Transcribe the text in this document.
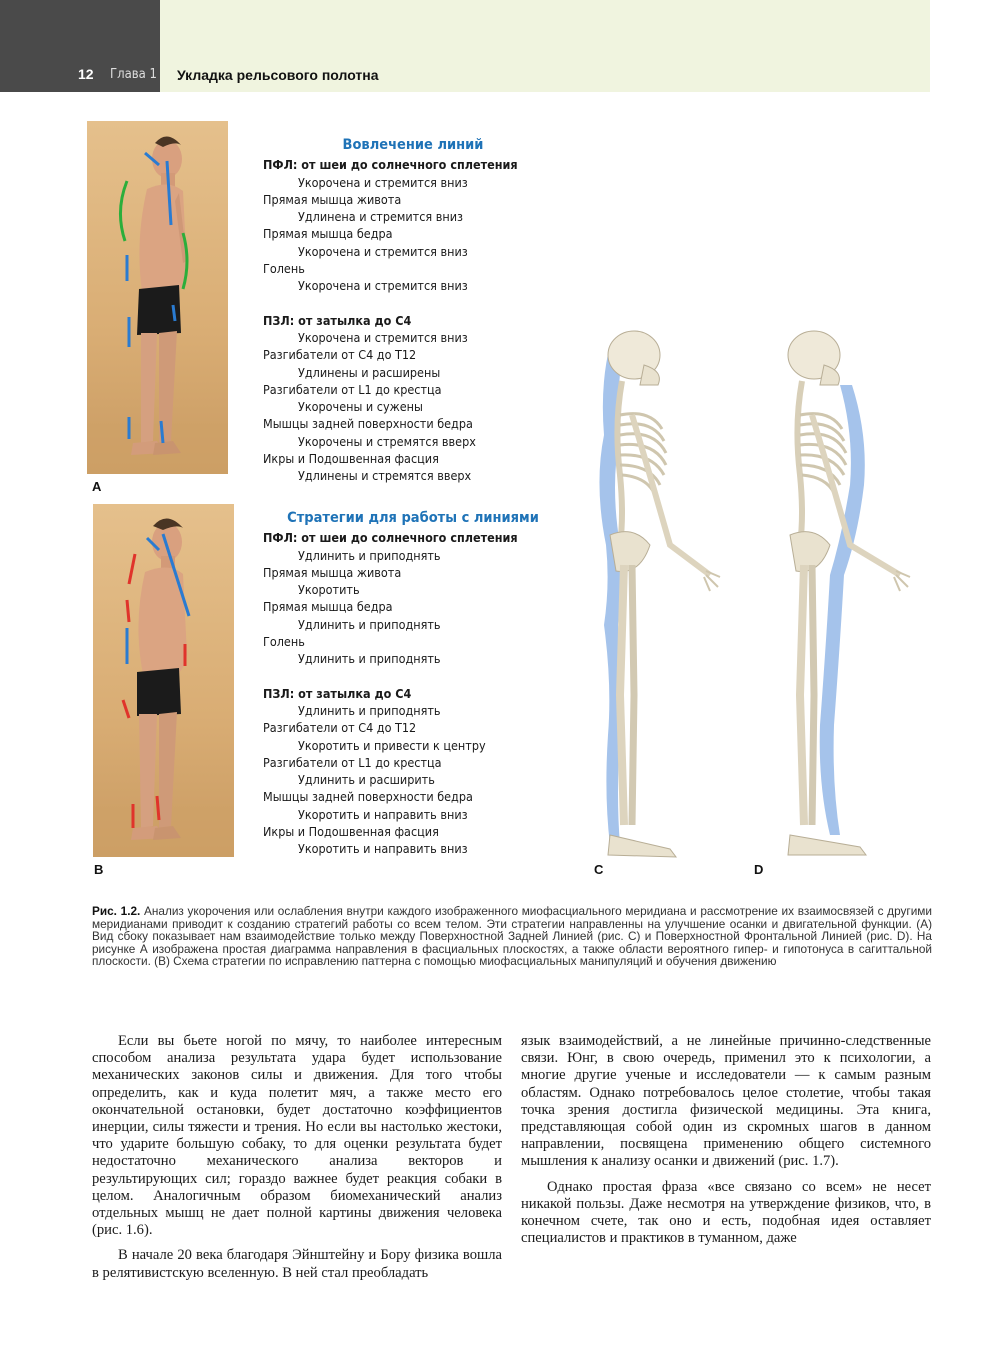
12 Глава 1 Укладка рельсового полотна
A
B
Вовлечение линий
ПФЛ: от шеи до солнечного сплетения
Укорочена и стремится вниз
Прямая мышца живота
Удлинена и стремится вниз
Прямая мышца бедра
Укорочена и стремится вниз
Голень
Укорочена и стремится вниз
ПЗЛ: от затылка до С4
Укорочена и стремится вниз
Разгибатели от С4 до Т12
Удлинены и расширены
Разгибатели от L1 до крестца
Укорочены и сужены
Мышцы задней поверхности бедра
Укорочены и стремятся вверх
Икры и Подошвенная фасция
Удлинены и стремятся вверх
Стратегии для работы с линиями
ПФЛ: от шеи до солнечного сплетения
Удлинить и приподнять
Прямая мышца живота
Укоротить
Прямая мышца бедра
Удлинить и приподнять
Голень
Удлинить и приподнять
ПЗЛ: от затылка до С4
Удлинить и приподнять
Разгибатели от С4 до Т12
Укоротить и привести к центру
Разгибатели от L1 до крестца
Удлинить и расширить
Мышцы задней поверхности бедра
Укоротить и направить вниз
Икры и Подошвенная фасция
Укоротить и направить вниз
C	D
Рис. 1.2. Анализ укорочения или ослабления внутри каждого изображенного миофасциального меридиана и рассмотрение их взаимосвязей с другими меридианами приводит к созданию стратегий работы со всем телом. Эти стратегии направленны на улучшение осанки и двигательной функции. (А) Вид сбоку показывает нам взаимодействие только между Поверхностной Задней Линией (рис. С) и Поверхностной Фронтальной Линией (рис. D). На рисунке А изображена простая диаграмма направления в фасциальных плоскостях, а также области вероятного гипер- и гипотонуса в сагиттальной плоскости. (В) Схема стратегии по исправлению паттерна с помощью миофасциальных манипуляций и обучения движению

Если вы бьете ногой по мячу, то наиболее интересным способом анализа результата удара будет использование механических законов силы и движения. Для того чтобы определить, как и куда полетит мяч, а также место его окончательной остановки, будет достаточно коэффициентов инерции, силы тяжести и трения. Но если вы настолько жестоки, что ударите большую собаку, то для оценки результата будет недостаточно механического анализа векторов и результирующих сил; гораздо важнее будет реакция собаки в целом. Аналогичным образом биомеханический анализ отдельных мышц не дает полной картины движения человека (рис. 1.6).

В начале 20 века благодаря Эйнштейну и Бору физика вошла в релятивистскую вселенную. В ней стал преобладать

язык взаимодействий, а не линейные причинно-следственные связи. Юнг, в свою очередь, применил это к психологии, а многие другие ученые и исследователи — к самым разным областям. Однако потребовалось целое столетие, чтобы такая точка зрения достигла физической медицины. Эта книга, представляющая собой один из скромных шагов в данном направлении, посвящена применению общего системного мышления к анализу осанки и движений (рис. 1.7).

Однако простая фраза «все связано со всем» не несет никакой пользы. Даже несмотря на утверждение физиков, что, в конечном счете, так оно и есть, подобная идея оставляет специалистов и практиков в туманном, даже
